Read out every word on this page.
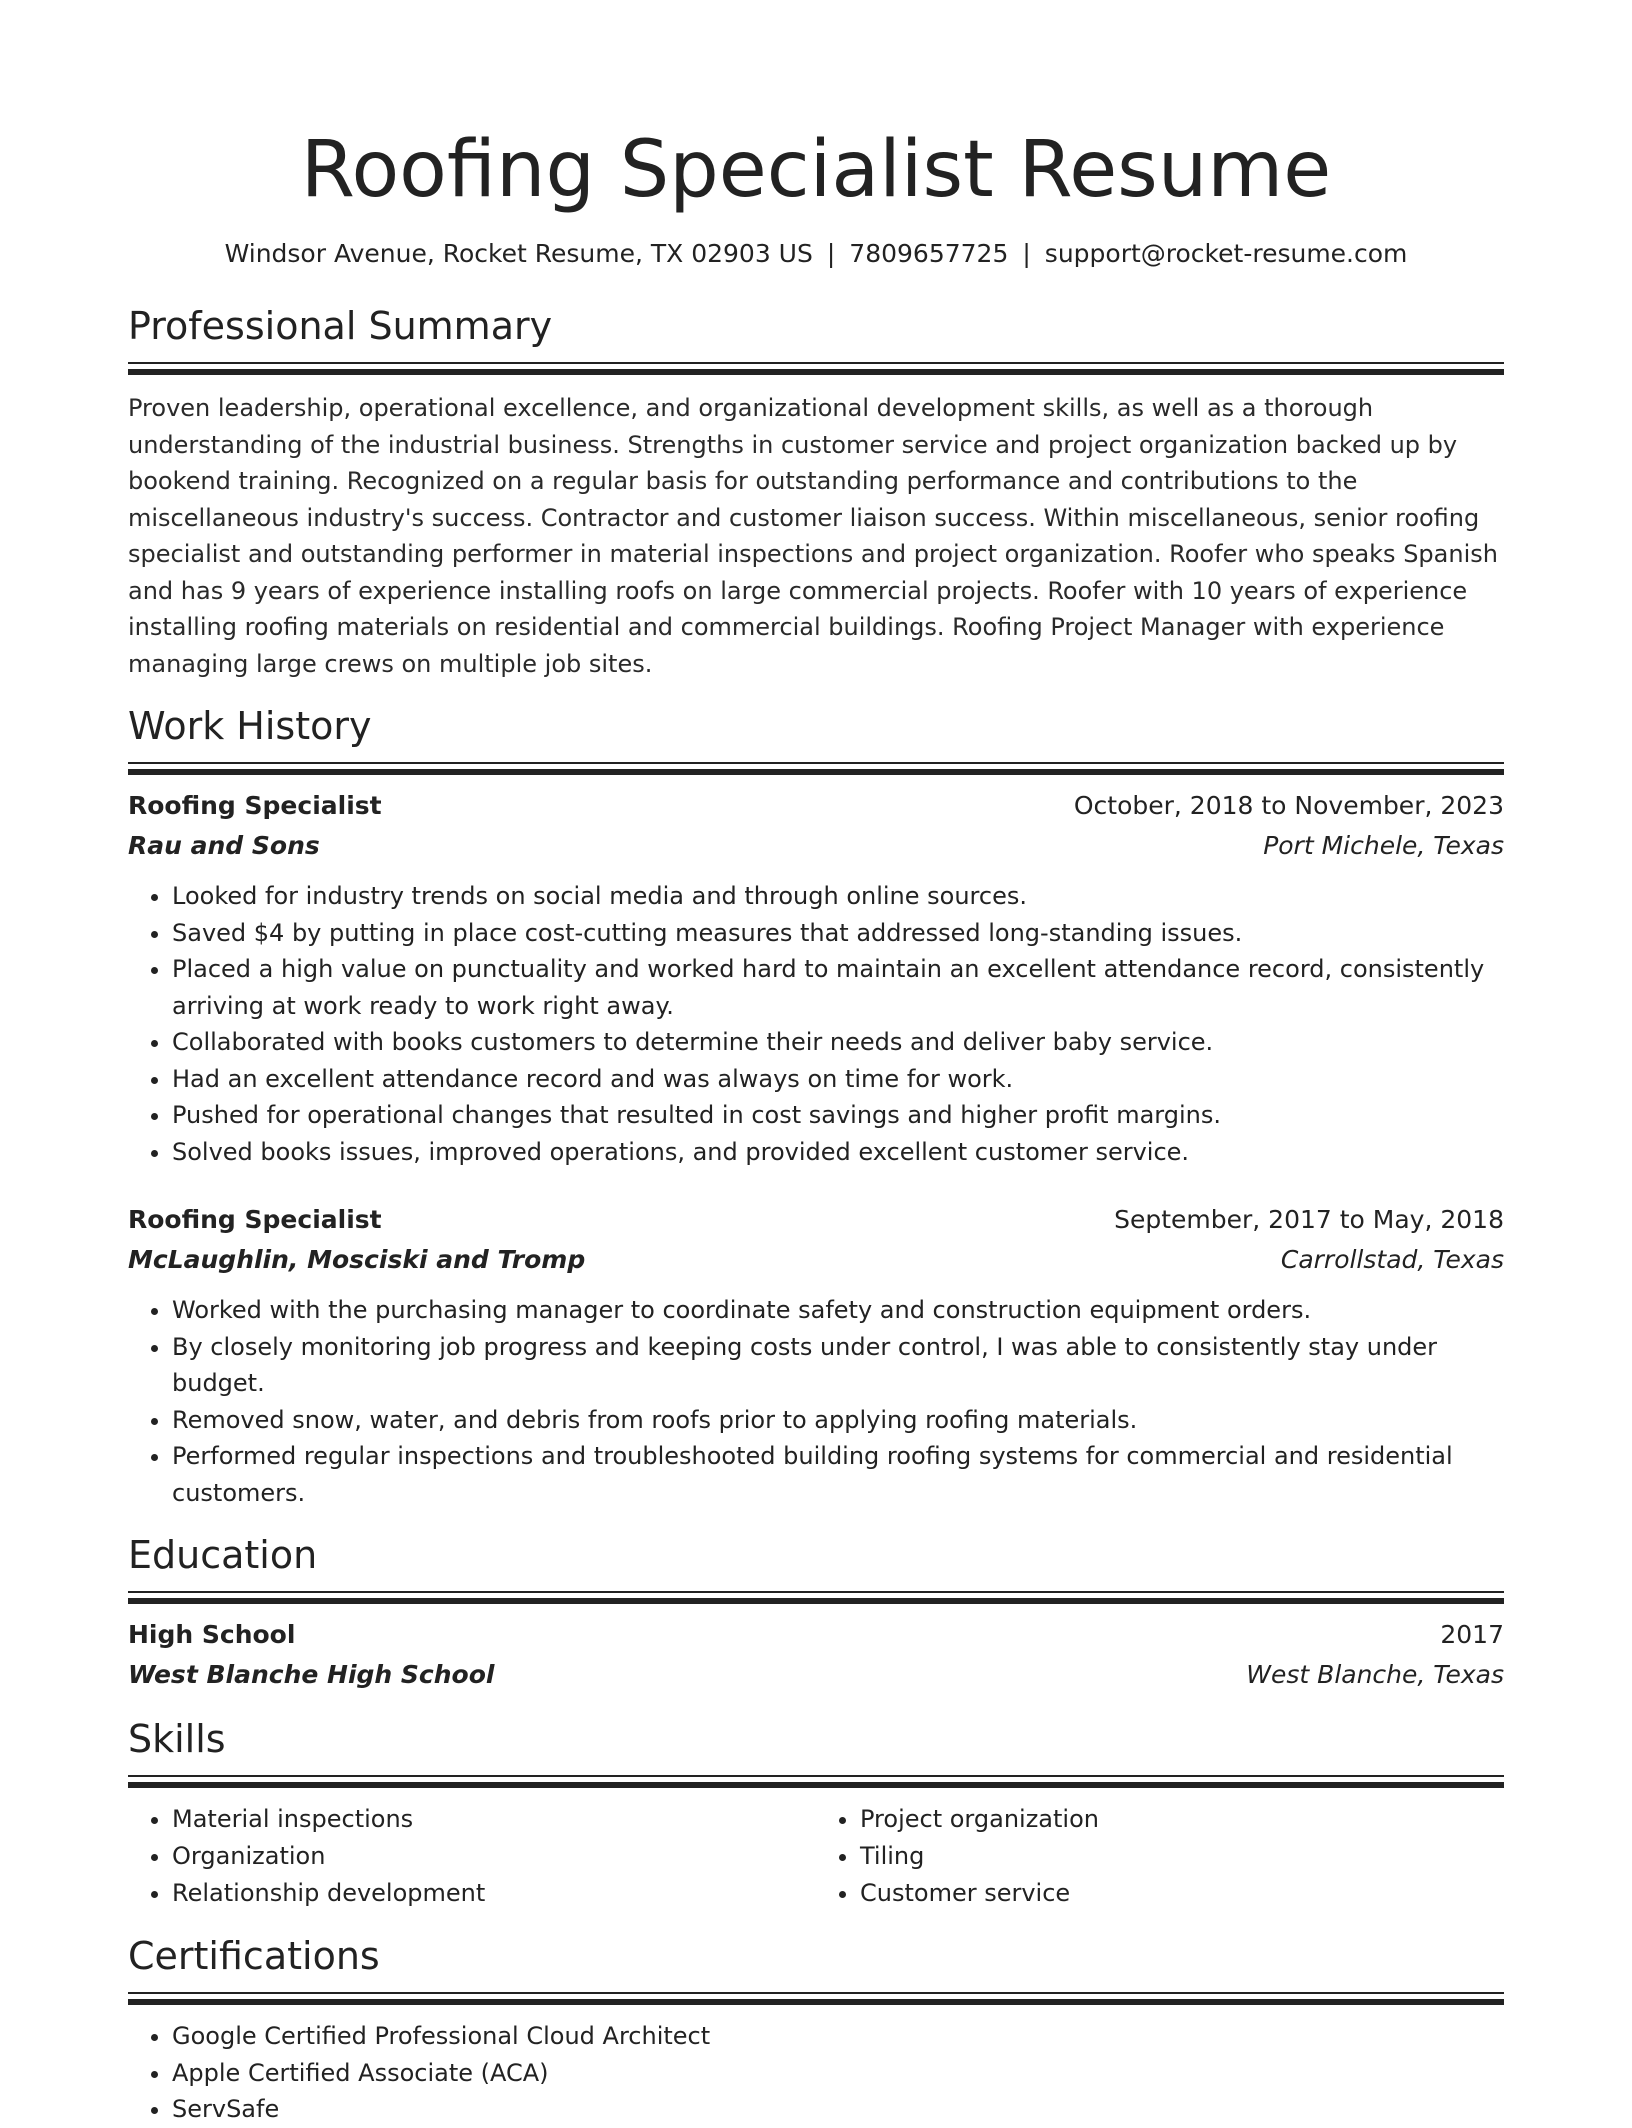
Roofing Specialist Resume
Windsor Avenue, Rocket Resume, TX 02903 US | 7809657725 | support@rocket-resume.com
Professional Summary
Proven leadership, operational excellence, and organizational development skills, as well as a thorough understanding of the industrial business. Strengths in customer service and project organization backed up by bookend training. Recognized on a regular basis for outstanding performance and contributions to the miscellaneous industry's success. Contractor and customer liaison success. Within miscellaneous, senior roofing specialist and outstanding performer in material inspections and project organization. Roofer who speaks Spanish and has 9 years of experience installing roofs on large commercial projects. Roofer with 10 years of experience installing roofing materials on residential and commercial buildings. Roofing Project Manager with experience managing large crews on multiple job sites.
Work History
Roofing Specialist	October, 2018 to November, 2023
Rau and Sons	Port Michele, Texas
• Looked for industry trends on social media and through online sources.
• Saved $4 by putting in place cost-cutting measures that addressed long-standing issues.
• Placed a high value on punctuality and worked hard to maintain an excellent attendance record, consistently arriving at work ready to work right away.
• Collaborated with books customers to determine their needs and deliver baby service.
• Had an excellent attendance record and was always on time for work.
• Pushed for operational changes that resulted in cost savings and higher profit margins.
• Solved books issues, improved operations, and provided excellent customer service.
Roofing Specialist	September, 2017 to May, 2018
McLaughlin, Mosciski and Tromp	Carrollstad, Texas
• Worked with the purchasing manager to coordinate safety and construction equipment orders.
• By closely monitoring job progress and keeping costs under control, I was able to consistently stay under budget.
• Removed snow, water, and debris from roofs prior to applying roofing materials.
• Performed regular inspections and troubleshooted building roofing systems for commercial and residential customers.
Education
High School	2017
West Blanche High School	West Blanche, Texas
Skills
• Material inspections
• Organization
• Relationship development
• Project organization
• Tiling
• Customer service
Certifications
• Google Certified Professional Cloud Architect
• Apple Certified Associate (ACA)
• ServSafe
